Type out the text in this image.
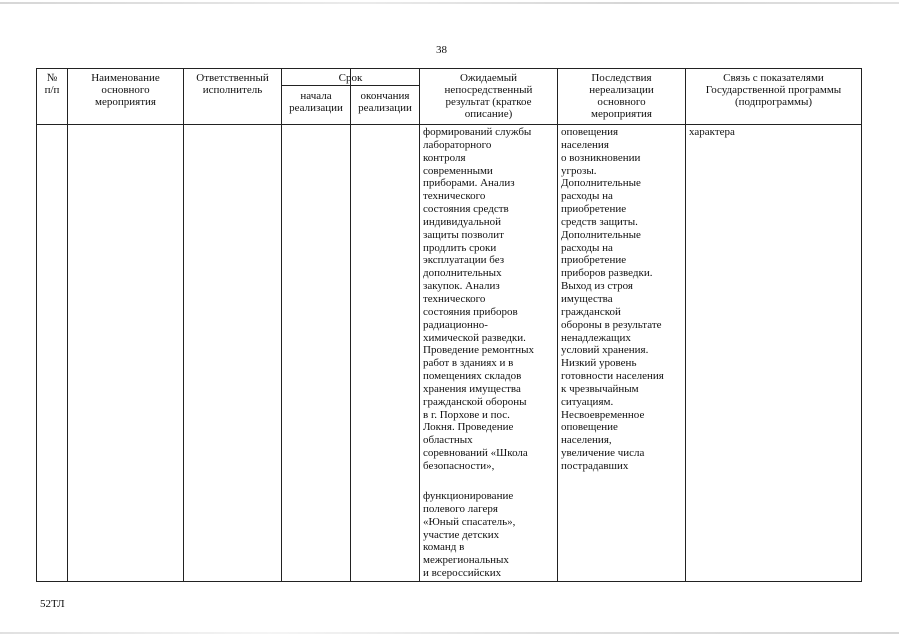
38
№
п/п
Наименование
основного
мероприятия
Ответственный
исполнитель
Срок
начала
реализации
окончания
реализации
Ожидаемый
непосредственный
результат (краткое
описание)
Последствия
нереализации
основного
мероприятия
Связь с показателями
Государственной программы
(подпрограммы)
формирований службы
лабораторного
контроля
современными
приборами. Анализ
технического
состояния средств
индивидуальной
защиты позволит
продлить сроки
эксплуатации без
дополнительных
закупок. Анализ
технического
состояния приборов
радиационно-
химической разведки.
Проведение ремонтных
работ в зданиях и в
помещениях складов
хранения имущества
гражданской обороны
в г. Порхове и пос.
Локня. Проведение
областных
соревнований «Школа
безопасности»,
функционирование
полевого лагеря
«Юный спасатель»,
участие детских
команд в
межрегиональных
и всероссийских
оповещения
населения
о возникновении
угрозы.
Дополнительные
расходы на
приобретение
средств защиты.
Дополнительные
расходы на
приобретение
приборов разведки.
Выход из строя
имущества
гражданской
обороны в результате
ненадлежащих
условий хранения.
Низкий уровень
готовности населения
к чрезвычайным
ситуациям.
Несвоевременное
оповещение
населения,
увеличение числа
пострадавших
характера
52ТЛ
